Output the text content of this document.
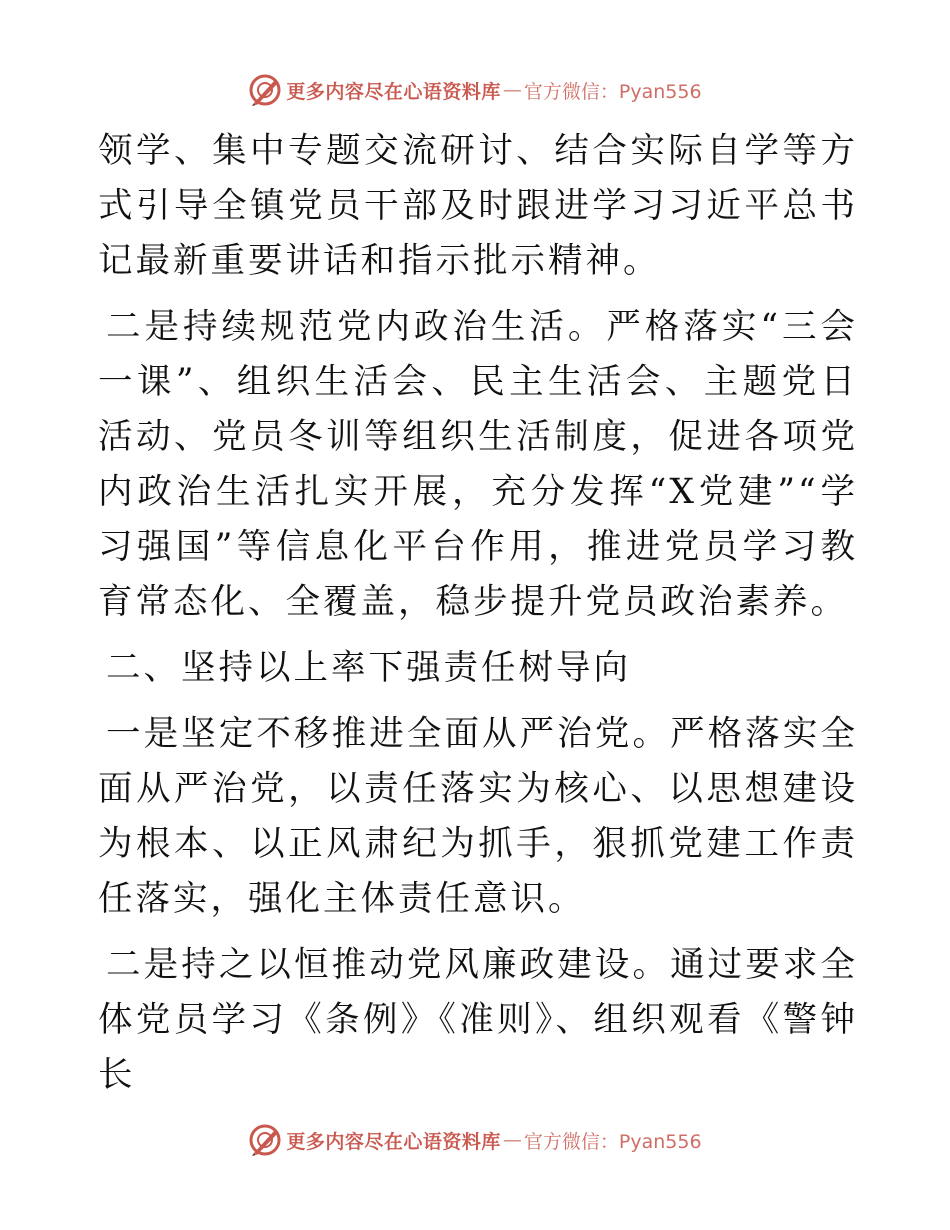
更多内容尽在心语资料库 — 官方微信：Pyan556

领学、集中专题交流研讨、结合实际自学等方式引导全镇党员干部及时跟进学习习近平总书记最新重要讲话和指示批示精神。

二是持续规范党内政治生活。严格落实“三会一课”、组织生活会、民主生活会、主题党日活动、党员冬训等组织生活制度，促进各项党内政治生活扎实开展，充分发挥“X党建”“学习强国”等信息化平台作用，推进党员学习教育常态化、全覆盖，稳步提升党员政治素养。

二、坚持以上率下强责任树导向

一是坚定不移推进全面从严治党。严格落实全面从严治党，以责任落实为核心、以思想建设为根本、以正风肃纪为抓手，狠抓党建工作责任落实，强化主体责任意识。

二是持之以恒推动党风廉政建设。通过要求全体党员学习《条例》《准则》、组织观看《警钟长

更多内容尽在心语资料库 — 官方微信：Pyan556
